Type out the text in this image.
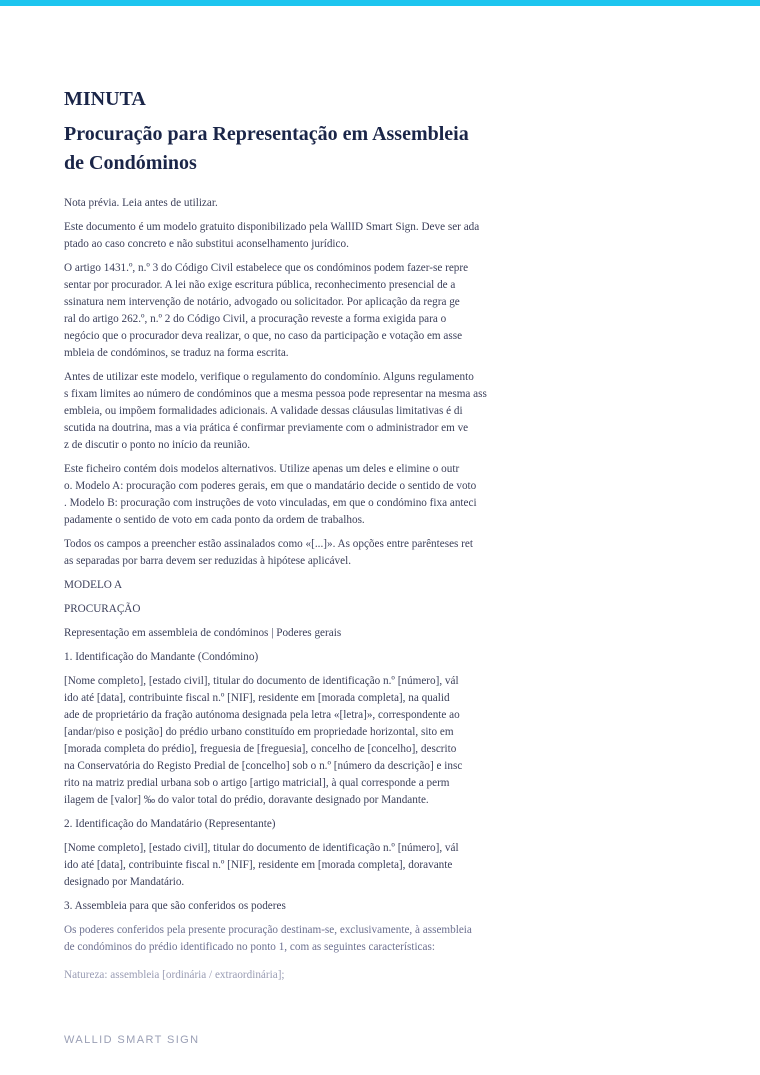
MINUTA
Procuração para Representação em Assembleia
de Condóminos

Nota prévia. Leia antes de utilizar.

Este documento é um modelo gratuito disponibilizado pela WallID Smart Sign. Deve ser ada
ptado ao caso concreto e não substitui aconselhamento jurídico.

O artigo 1431.º, n.º 3 do Código Civil estabelece que os condóminos podem fazer-se repre
sentar por procurador. A lei não exige escritura pública, reconhecimento presencial de a
ssinatura nem intervenção de notário, advogado ou solicitador. Por aplicação da regra ge
ral do artigo 262.º, n.º 2 do Código Civil, a procuração reveste a forma exigida para o
negócio que o procurador deva realizar, o que, no caso da participação e votação em asse
mbleia de condóminos, se traduz na forma escrita.

Antes de utilizar este modelo, verifique o regulamento do condomínio. Alguns regulamento
s fixam limites ao número de condóminos que a mesma pessoa pode representar na mesma ass
embleia, ou impõem formalidades adicionais. A validade dessas cláusulas limitativas é di
scutida na doutrina, mas a via prática é confirmar previamente com o administrador em ve
z de discutir o ponto no início da reunião.

Este ficheiro contém dois modelos alternativos. Utilize apenas um deles e elimine o outr
o. Modelo A: procuração com poderes gerais, em que o mandatário decide o sentido de voto
. Modelo B: procuração com instruções de voto vinculadas, em que o condómino fixa anteci
padamente o sentido de voto em cada ponto da ordem de trabalhos.

Todos os campos a preencher estão assinalados como «[...]». As opções entre parênteses ret
as separadas por barra devem ser reduzidas à hipótese aplicável.

MODELO A

PROCURAÇÃO

Representação em assembleia de condóminos | Poderes gerais

1. Identificação do Mandante (Condómino)

[Nome completo], [estado civil], titular do documento de identificação n.º [número], vál
ido até [data], contribuinte fiscal n.º [NIF], residente em [morada completa], na qualid
ade de proprietário da fração autónoma designada pela letra «[letra]», correspondente ao
[andar/piso e posição] do prédio urbano constituído em propriedade horizontal, sito em
[morada completa do prédio], freguesia de [freguesia], concelho de [concelho], descrito
na Conservatória do Registo Predial de [concelho] sob o n.º [número da descrição] e insc
rito na matriz predial urbana sob o artigo [artigo matricial], à qual corresponde a perm
ilagem de [valor] ‰ do valor total do prédio, doravante designado por Mandante.

2. Identificação do Mandatário (Representante)

[Nome completo], [estado civil], titular do documento de identificação n.º [número], vál
ido até [data], contribuinte fiscal n.º [NIF], residente em [morada completa], doravante
designado por Mandatário.

3. Assembleia para que são conferidos os poderes

Os poderes conferidos pela presente procuração destinam-se, exclusivamente, à assembleia
de condóminos do prédio identificado no ponto 1, com as seguintes características:

Natureza: assembleia [ordinária / extraordinária];

WALLID SMART SIGN
